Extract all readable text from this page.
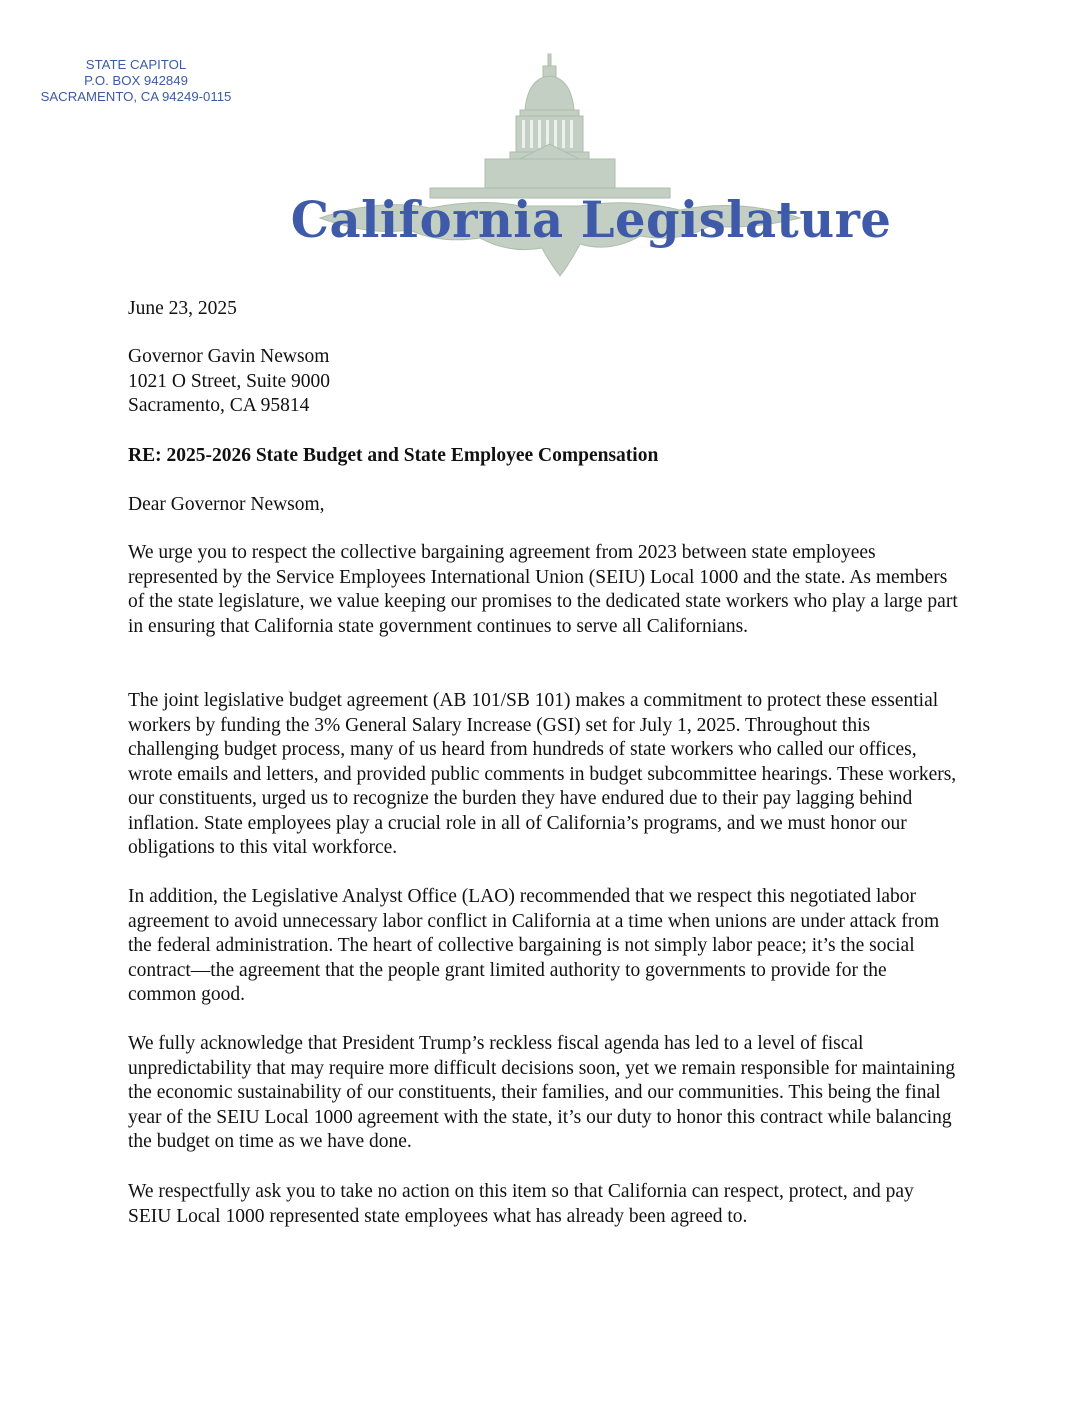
STATE CAPITOL
P.O. BOX 942849
SACRAMENTO, CA 94249-0115
California Legislature
June 23, 2025
Governor Gavin Newsom
1021 O Street, Suite 9000
Sacramento, CA 95814
RE: 2025-2026 State Budget and State Employee Compensation
Dear Governor Newsom,

We urge you to respect the collective bargaining agreement from 2023 between state employees represented by the Service Employees International Union (SEIU) Local 1000 and the state. As members of the state legislature, we value keeping our promises to the dedicated state workers who play a large part in ensuring that California state government continues to serve all Californians.

The joint legislative budget agreement (AB 101/SB 101) makes a commitment to protect these essential workers by funding the 3% General Salary Increase (GSI) set for July 1, 2025. Throughout this challenging budget process, many of us heard from hundreds of state workers who called our offices, wrote emails and letters, and provided public comments in budget subcommittee hearings. These workers, our constituents, urged us to recognize the burden they have endured due to their pay lagging behind inflation. State employees play a crucial role in all of California’s programs, and we must honor our obligations to this vital workforce.

In addition, the Legislative Analyst Office (LAO) recommended that we respect this negotiated labor agreement to avoid unnecessary labor conflict in California at a time when unions are under attack from the federal administration. The heart of collective bargaining is not simply labor peace; it’s the social contract—the agreement that the people grant limited authority to governments to provide for the common good.

We fully acknowledge that President Trump’s reckless fiscal agenda has led to a level of fiscal unpredictability that may require more difficult decisions soon, yet we remain responsible for maintaining the economic sustainability of our constituents, their families, and our communities. This being the final year of the SEIU Local 1000 agreement with the state, it’s our duty to honor this contract while balancing the budget on time as we have done.

We respectfully ask you to take no action on this item so that California can respect, protect, and pay SEIU Local 1000 represented state employees what has already been agreed to.
